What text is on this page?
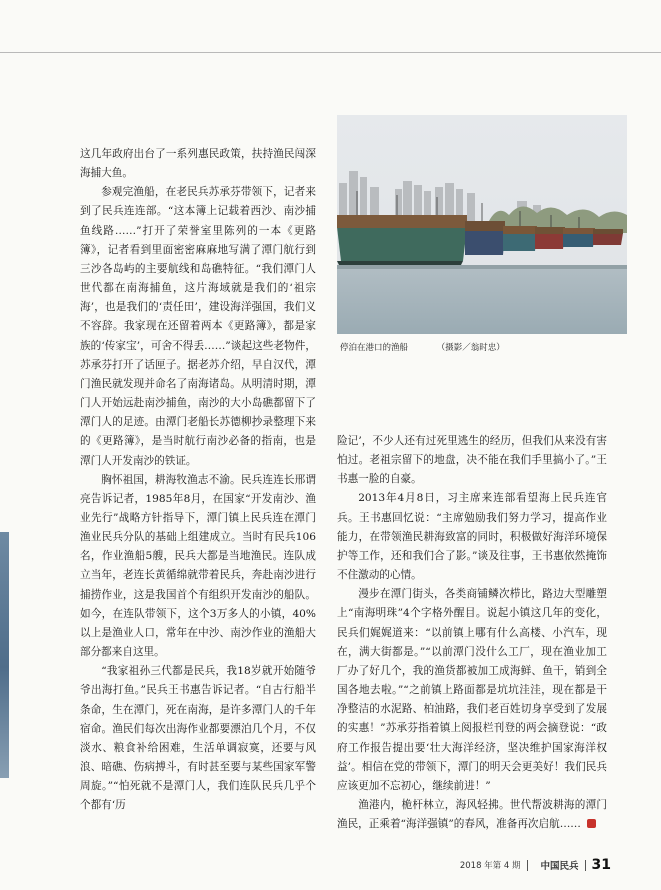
停泊在港口的渔船	（摄影／翁时忠）

这几年政府出台了一系列惠民政策，扶持渔民闯深海捕大鱼。

参观完渔船，在老民兵苏承芬带领下，记者来到了民兵连连部。“这本簿上记载着西沙、南沙捕鱼线路……”打开了荣誉室里陈列的一本《更路簿》，记者看到里面密密麻麻地写满了潭门航行到三沙各岛屿的主要航线和岛礁特征。“我们潭门人世代都在南海捕鱼，这片海域就是我们的‘祖宗海’，也是我们的‘责任田’，建设海洋强国，我们义不容辞。我家现在还留着两本《更路簿》，都是家族的‘传家宝’，可舍不得丢……”谈起这些老物件，苏承芬打开了话匣子。据老苏介绍，早自汉代，潭门渔民就发现并命名了南海诸岛。从明清时期，潭门人开始远赴南沙捕鱼，南沙的大小岛礁都留下了潭门人的足迹。由潭门老船长苏德柳抄录整理下来的《更路簿》，是当时航行南沙必备的指南，也是潭门人开发南沙的铁证。

胸怀祖国，耕海牧渔志不渝。民兵连连长邢谓亮告诉记者，1985年8月，在国家“开发南沙、渔业先行”战略方针指导下，潭门镇上民兵连在潭门渔业民兵分队的基础上组建成立。当时有民兵106名，作业渔船5艘，民兵大都是当地渔民。连队成立当年，老连长黄循绵就带着民兵，奔赴南沙进行捕捞作业，这是我国首个有组织开发南沙的船队。如今，在连队带领下，这个3万多人的小镇，40%以上是渔业人口，常年在中沙、南沙作业的渔船大部分都来自这里。

“我家祖孙三代都是民兵，我18岁就开始随爷爷出海打鱼。”民兵王书惠告诉记者。“自古行船半条命，生在潭门，死在南海，是许多潭门人的千年宿命。渔民们每次出海作业都要漂泊几个月，不仅淡水、粮食补给困难，生活单调寂寞，还要与风浪、暗礁、伤病搏斗，有时甚至要与某些国家军警周旋。”“怕死就不是潭门人，我们连队民兵几乎个个都有‘历

险记’，不少人还有过死里逃生的经历，但我们从来没有害怕过。老祖宗留下的地盘，决不能在我们手里搞小了。”王书惠一脸的自豪。

2013年4月8日，习主席来连部看望海上民兵连官兵。王书惠回忆说：“主席勉励我们努力学习，提高作业能力，在带领渔民耕海致富的同时，积极做好海洋环境保护等工作，还和我们合了影。”谈及往事，王书惠依然掩饰不住激动的心情。

漫步在潭门街头，各类商铺鳞次栉比，路边大型雕塑上“南海明珠”4个字格外醒目。说起小镇这几年的变化，民兵们娓娓道来：“以前镇上哪有什么高楼、小汽车，现在，满大街都是。”“以前潭门没什么工厂，现在渔业加工厂办了好几个，我的渔货都被加工成海鲜、鱼干，销到全国各地去啦。”“之前镇上路面都是坑坑洼洼，现在都是干净整洁的水泥路、柏油路，我们老百姓切身享受到了发展的实惠！”苏承芬指着镇上阅报栏刊登的两会摘登说：“政府工作报告提出要‘壮大海洋经济，坚决维护国家海洋权益’。相信在党的带领下，潭门的明天会更美好！我们民兵应该更加不忘初心，继续前进！”

渔港内，桅杆林立，海风轻拂。世代帮波耕海的潭门渔民，正乘着“海洋强镇”的春风，准备再次启航……

2018 年第 4 期 中国民兵 31
